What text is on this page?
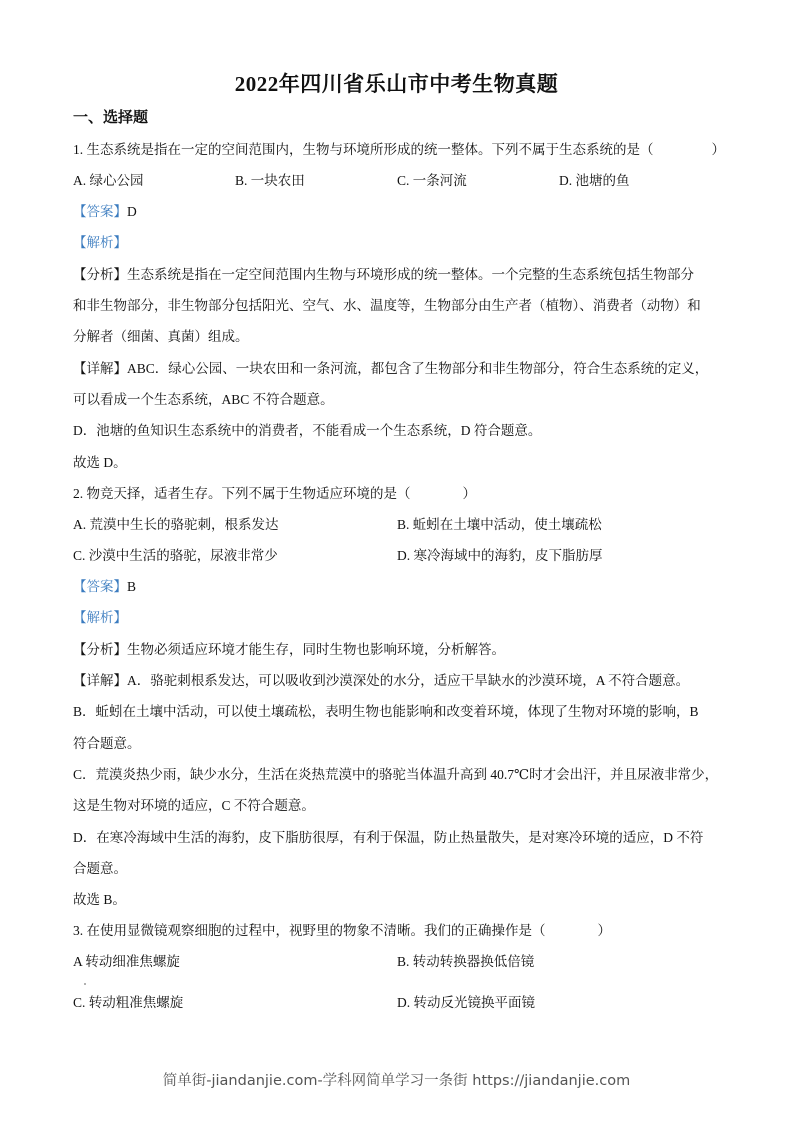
2022年四川省乐山市中考生物真题
一、选择题
1. 生态系统是指在一定的空间范围内，生物与环境所形成的统一整体。下列不属于生态系统的是（	）
A. 绿心公园	B. 一块农田	C. 一条河流	D. 池塘的鱼
【答案】D
【解析】
【分析】生态系统是指在一定空间范围内生物与环境形成的统一整体。一个完整的生态系统包括生物部分
和非生物部分，非生物部分包括阳光、空气、水、温度等，生物部分由生产者（植物）、消费者（动物）和
分解者（细菌、真菌）组成。
【详解】ABC．绿心公园、一块农田和一条河流，都包含了生物部分和非生物部分，符合生态系统的定义，
可以看成一个生态系统，ABC 不符合题意。
D．池塘的鱼知识生态系统中的消费者，不能看成一个生态系统，D 符合题意。
故选 D。
2. 物竞天择，适者生存。下列不属于生物适应环境的是（	）
A. 荒漠中生长的骆驼刺，根系发达	B. 蚯蚓在土壤中活动，使土壤疏松
C. 沙漠中生活的骆驼，尿液非常少	D. 寒冷海域中的海豹，皮下脂肪厚
【答案】B
【解析】
【分析】生物必须适应环境才能生存，同时生物也影响环境，分析解答。
【详解】A．骆驼刺根系发达，可以吸收到沙漠深处的水分，适应干旱缺水的沙漠环境，A 不符合题意。
B．蚯蚓在土壤中活动，可以使土壤疏松，表明生物也能影响和改变着环境，体现了生物对环境的影响，B
符合题意。
C．荒漠炎热少雨，缺少水分，生活在炎热荒漠中的骆驼当体温升高到 40.7℃时才会出汗，并且尿液非常少，
这是生物对环境的适应，C 不符合题意。
D．在寒冷海域中生活的海豹，皮下脂肪很厚，有利于保温，防止热量散失，是对寒冷环境的适应，D 不符
合题意。
故选 B。
3. 在使用显微镜观察细胞的过程中，视野里的物象不清晰。我们的正确操作是（	）
A 转动细准焦螺旋	B. 转动转换器换低倍镜
C. 转动粗准焦螺旋	D. 转动反光镜换平面镜
简单街-jiandanjie.com-学科网简单学习一条街 https://jiandanjie.com
